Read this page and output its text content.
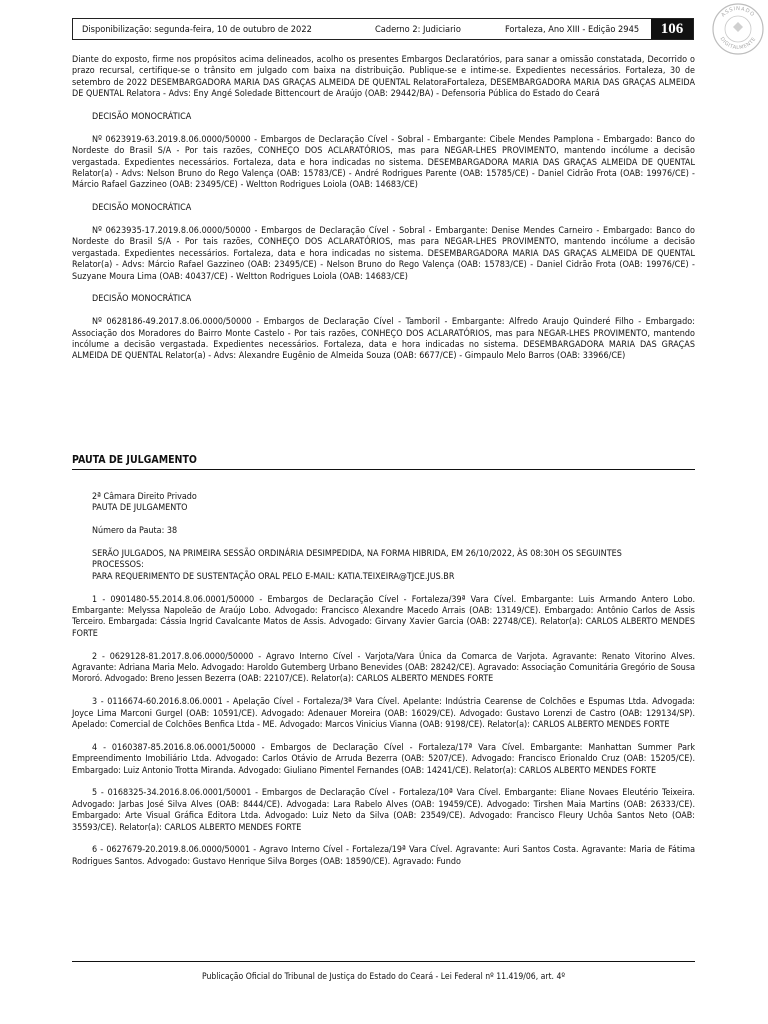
Disponibilização: segunda-feira, 10 de outubro de 2022	Caderno 2: Judiciario	Fortaleza, Ano XIII - Edição 2945	106
ASSINADO
DIGITALMENTE

Diante do exposto, firme nos propósitos acima delineados, acolho os presentes Embargos Declaratórios, para sanar a omissão constatada, Decorrido o prazo recursal, certifique-se o trânsito em julgado com baixa na distribuição. Publique-se e intime-se. Expedientes necessários. Fortaleza, 30 de setembro de 2022 DESEMBARGADORA MARIA DAS GRAÇAS ALMEIDA DE QUENTAL RelatoraFortaleza, DESEMBARGADORA MARIA DAS GRAÇAS ALMEIDA DE QUENTAL Relatora - Advs: Eny Angé Soledade Bittencourt de Araújo (OAB: 29442/BA) - Defensoria Pública do Estado do Ceará

DECISÃO MONOCRÁTICA

Nº 0623919-63.2019.8.06.0000/50000 - Embargos de Declaração Cível - Sobral - Embargante: Cibele Mendes Pamplona - Embargado: Banco do Nordeste do Brasil S/A - Por tais razões, CONHEÇO DOS ACLARATÓRIOS, mas para NEGAR-LHES PROVIMENTO, mantendo incólume a decisão vergastada. Expedientes necessários. Fortaleza, data e hora indicadas no sistema. DESEMBARGADORA MARIA DAS GRAÇAS ALMEIDA DE QUENTAL Relator(a) - Advs: Nelson Bruno do Rego Valença (OAB: 15783/CE) - André Rodrigues Parente (OAB: 15785/CE) - Daniel Cidrão Frota (OAB: 19976/CE) - Márcio Rafael Gazzineo (OAB: 23495/CE) - Weltton Rodrigues Loiola (OAB: 14683/CE)

DECISÃO MONOCRÁTICA

Nº 0623935-17.2019.8.06.0000/50000 - Embargos de Declaração Cível - Sobral - Embargante: Denise Mendes Carneiro - Embargado: Banco do Nordeste do Brasil S/A - Por tais razões, CONHEÇO DOS ACLARATÓRIOS, mas para NEGAR-LHES PROVIMENTO, mantendo incólume a decisão vergastada. Expedientes necessários. Fortaleza, data e hora indicadas no sistema. DESEMBARGADORA MARIA DAS GRAÇAS ALMEIDA DE QUENTAL Relator(a) - Advs: Márcio Rafael Gazzineo (OAB: 23495/CE) - Nelson Bruno do Rego Valença (OAB: 15783/CE) - Daniel Cidrão Frota (OAB: 19976/CE) - Suzyane Moura Lima (OAB: 40437/CE) - Weltton Rodrigues Loiola (OAB: 14683/CE)

DECISÃO MONOCRÁTICA

Nº 0628186-49.2017.8.06.0000/50000 - Embargos de Declaração Cível - Tamboril - Embargante: Alfredo Araujo Quinderé Filho - Embargado: Associação dos Moradores do Bairro Monte Castelo - Por tais razões, CONHEÇO DOS ACLARATÓRIOS, mas para NEGAR-LHES PROVIMENTO, mantendo incólume a decisão vergastada. Expedientes necessários. Fortaleza, data e hora indicadas no sistema. DESEMBARGADORA MARIA DAS GRAÇAS ALMEIDA DE QUENTAL Relator(a) - Advs: Alexandre Eugênio de Almeida Souza (OAB: 6677/CE) - Gimpaulo Melo Barros (OAB: 33966/CE)

PAUTA DE JULGAMENTO

2ª Câmara Direito Privado

PAUTA DE JULGAMENTO

Número da Pauta: 38

SERÃO JULGADOS, NA PRIMEIRA SESSÃO ORDINÁRIA DESIMPEDIDA, NA FORMA HIBRIDA, EM 26/10/2022, ÀS 08:30H OS SEGUINTES

PROCESSOS:

PARA REQUERIMENTO DE SUSTENTAÇÃO ORAL PELO E-MAIL: KATIA.TEIXEIRA@TJCE.JUS.BR

1 - 0901480-55.2014.8.06.0001/50000 - Embargos de Declaração Cível - Fortaleza/39ª Vara Cível. Embargante: Luis Armando Antero Lobo. Embargante: Melyssa Napoleão de Araújo Lobo. Advogado: Francisco Alexandre Macedo Arrais (OAB: 13149/CE). Embargado: Antônio Carlos de Assis Terceiro. Embargada: Cássia Ingrid Cavalcante Matos de Assis. Advogado: Girvany Xavier Garcia (OAB: 22748/CE). Relator(a): CARLOS ALBERTO MENDES FORTE

2 - 0629128-81.2017.8.06.0000/50000 - Agravo Interno Cível - Varjota/Vara Única da Comarca de Varjota. Agravante: Renato Vitorino Alves. Agravante: Adriana Maria Melo. Advogado: Haroldo Gutemberg Urbano Benevides (OAB: 28242/CE). Agravado: Associação Comunitária Gregório de Sousa Mororó. Advogado: Breno Jessen Bezerra (OAB: 22107/CE). Relator(a): CARLOS ALBERTO MENDES FORTE

3 - 0116674-60.2016.8.06.0001 - Apelação Cível - Fortaleza/3ª Vara Cível. Apelante: Indústria Cearense de Colchões e Espumas Ltda. Advogada: Joyce Lima Marconi Gurgel (OAB: 10591/CE). Advogado: Adenauer Moreira (OAB: 16029/CE). Advogado: Gustavo Lorenzi de Castro (OAB: 129134/SP). Apelado: Comercial de Colchões Benfica Ltda - ME. Advogado: Marcos Vinicius Vianna (OAB: 9198/CE). Relator(a): CARLOS ALBERTO MENDES FORTE

4 - 0160387-85.2016.8.06.0001/50000 - Embargos de Declaração Cível - Fortaleza/17ª Vara Cível. Embargante: Manhattan Summer Park Empreendimento Imobiliário Ltda. Advogado: Carlos Otávio de Arruda Bezerra (OAB: 5207/CE). Advogado: Francisco Erionaldo Cruz (OAB: 15205/CE). Embargado: Luiz Antonio Trotta Miranda. Advogado: Giuliano Pimentel Fernandes (OAB: 14241/CE). Relator(a): CARLOS ALBERTO MENDES FORTE

5 - 0168325-34.2016.8.06.0001/50001 - Embargos de Declaração Cível - Fortaleza/10ª Vara Cível. Embargante: Eliane Novaes Eleutério Teixeira. Advogado: Jarbas José Silva Alves (OAB: 8444/CE). Advogada: Lara Rabelo Alves (OAB: 19459/CE). Advogado: Tirshen Maia Martins (OAB: 26333/CE). Embargado: Arte Visual Gráfica Editora Ltda. Advogado: Luiz Neto da Silva (OAB: 23549/CE). Advogado: Francisco Fleury Uchôa Santos Neto (OAB: 35593/CE). Relator(a): CARLOS ALBERTO MENDES FORTE

6 - 0627679-20.2019.8.06.0000/50001 - Agravo Interno Cível - Fortaleza/19ª Vara Cível. Agravante: Auri Santos Costa. Agravante: Maria de Fátima Rodrigues Santos. Advogado: Gustavo Henrique Silva Borges (OAB: 18590/CE). Agravado: Fundo

Publicação Oficial do Tribunal de Justiça do Estado do Ceará - Lei Federal nº 11.419/06, art. 4º
